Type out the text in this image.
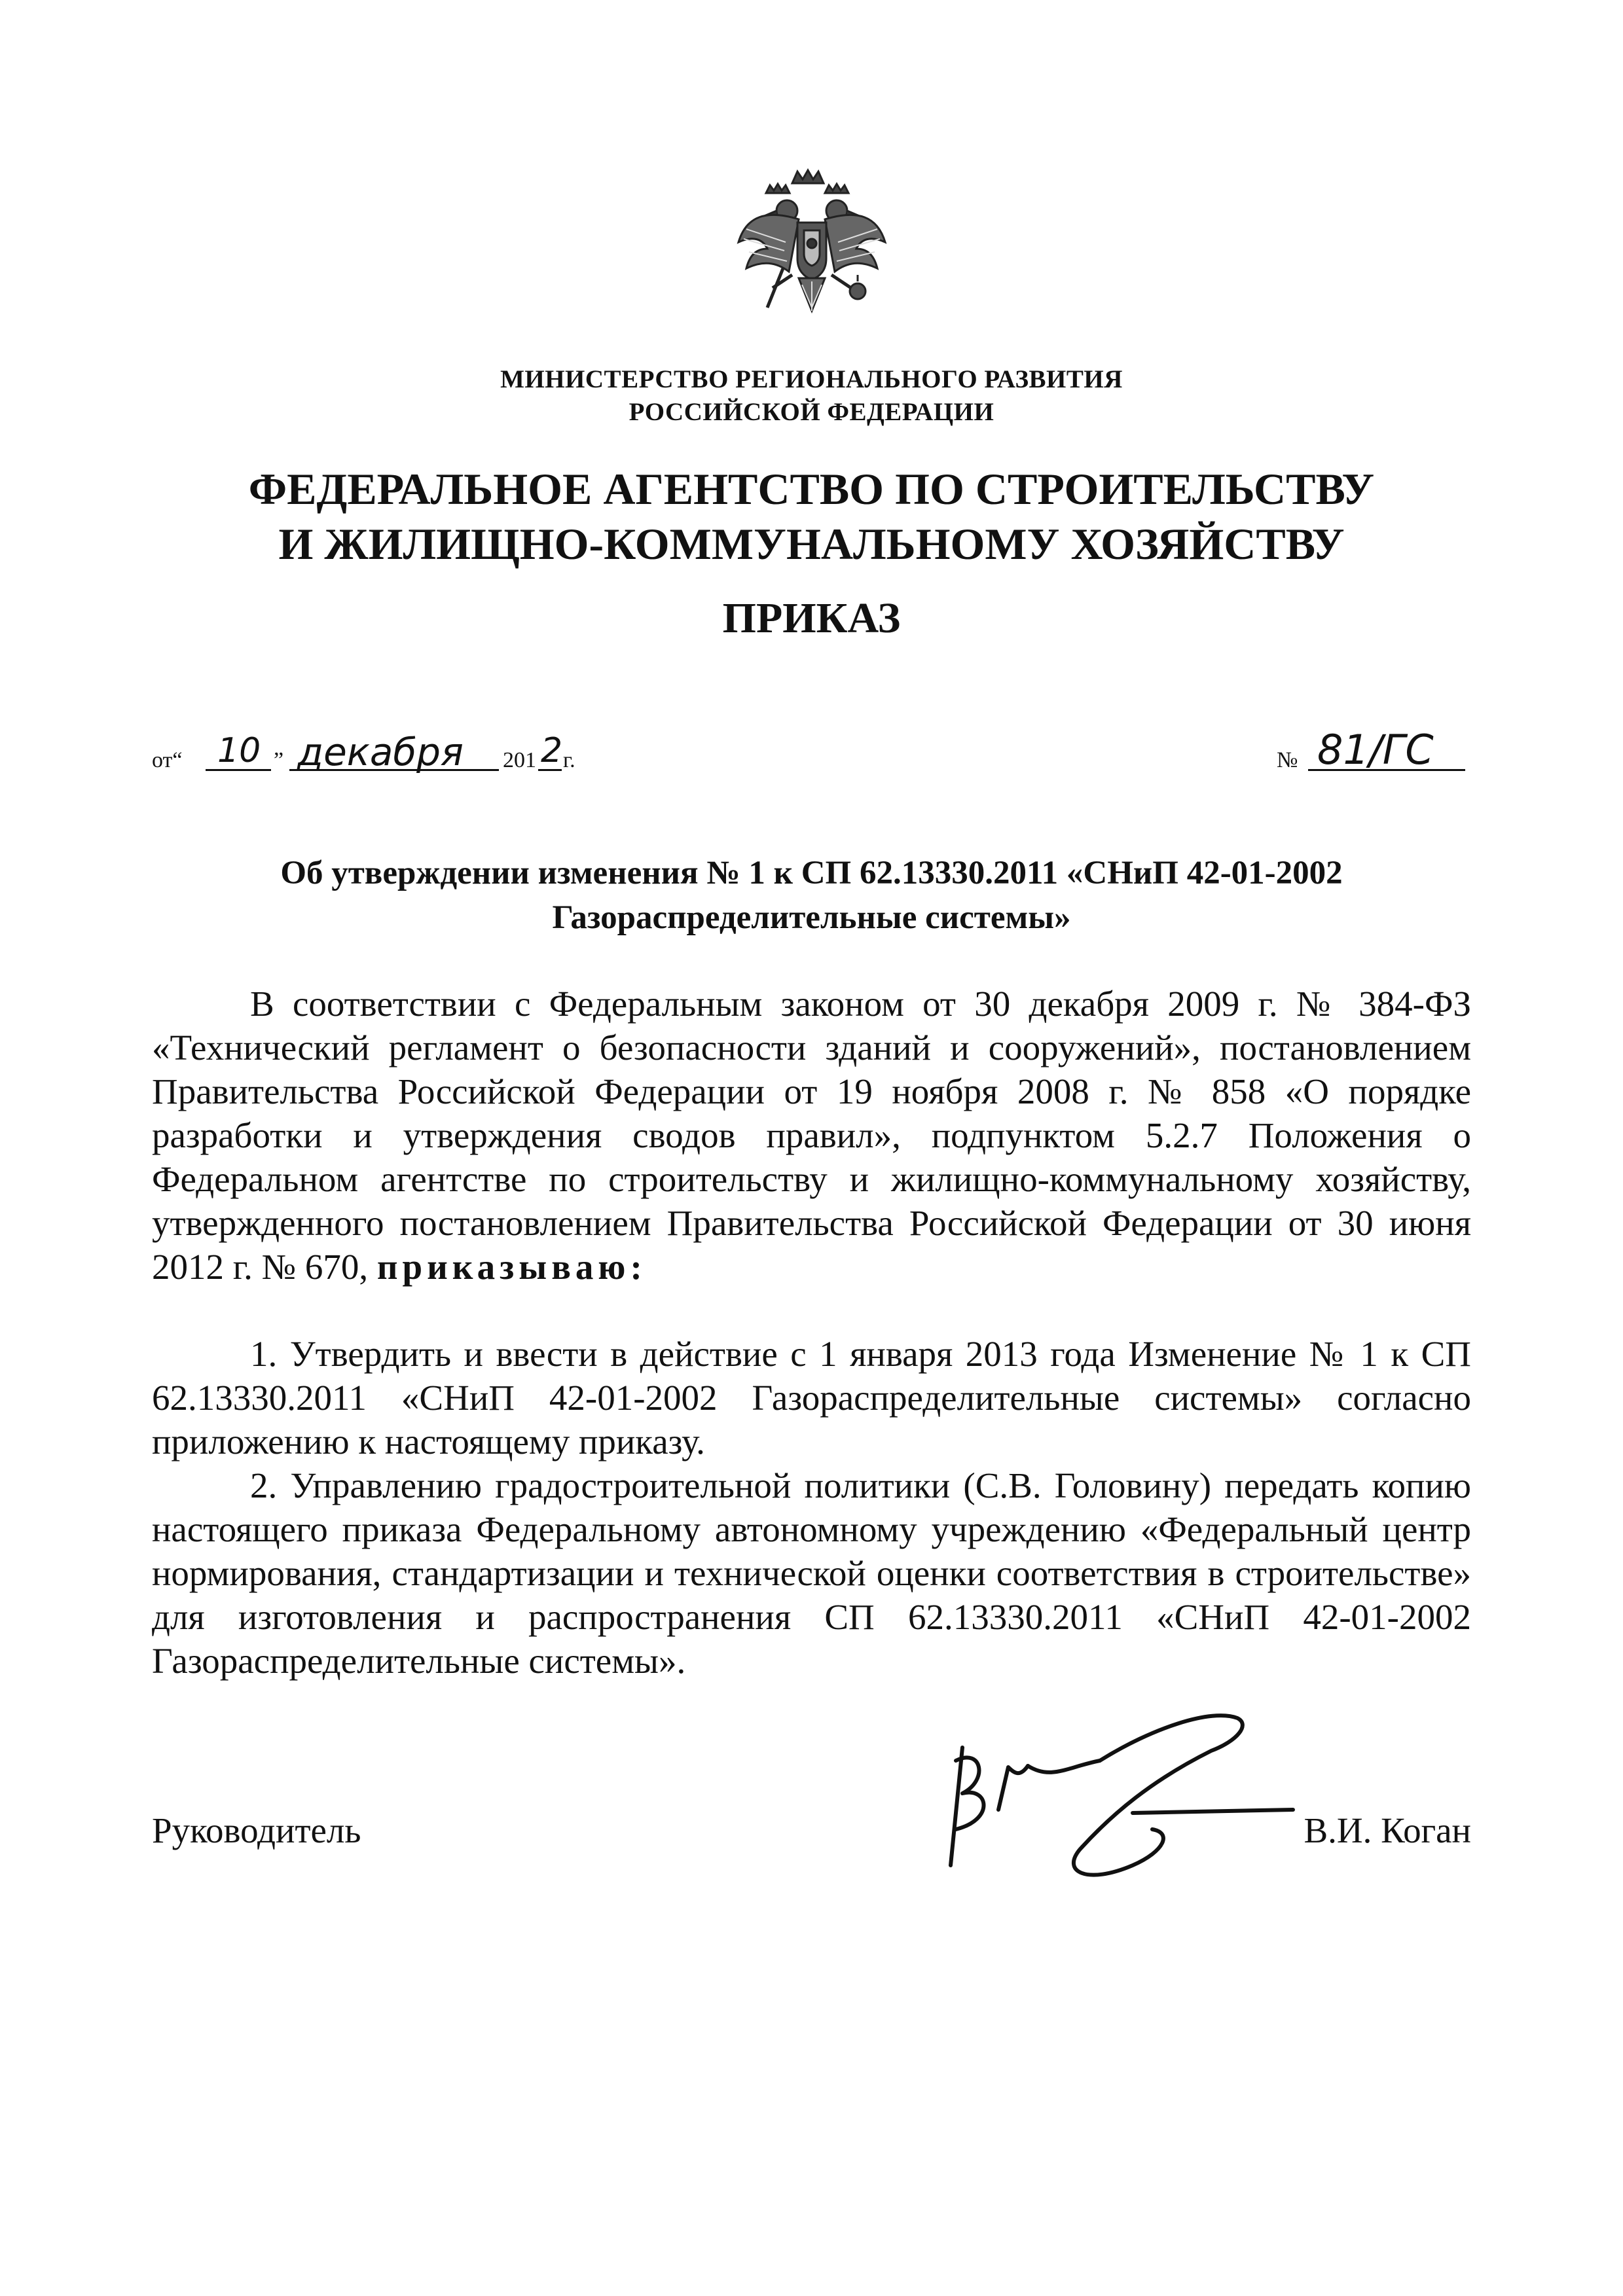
МИНИСТЕРСТВО РЕГИОНАЛЬНОГО РАЗВИТИЯ
РОССИЙСКОЙ ФЕДЕРАЦИИ
ФЕДЕРАЛЬНОЕ АГЕНТСТВО ПО СТРОИТЕЛЬСТВУ
И ЖИЛИЩНО-КОММУНАЛЬНОМУ ХОЗЯЙСТВУ
ПРИКАЗ
от“ 10 ” декабря 201 2 г.	№ 81/ГС
Об утверждении изменения № 1 к СП 62.13330.2011 «СНиП 42-01-2002
Газораспределительные системы»

В соответствии с Федеральным законом от 30 декабря 2009 г. № 384-ФЗ «Технический регламент о безопасности зданий и сооружений», постановлением Правительства Российской Федерации от 19 ноября 2008 г. № 858 «О порядке разработки и утверждения сводов правил», подпунктом 5.2.7 Положения о Федеральном агентстве по строительству и жилищно-коммунальному хозяйству, утвержденного постановлением Правительства Российской Федерации от 30 июня 2012 г. № 670, приказываю:

1. Утвердить и ввести в действие с 1 января 2013 года Изменение № 1 к СП 62.13330.2011 «СНиП 42-01-2002 Газораспределительные системы» согласно приложению к настоящему приказу.

2. Управлению градостроительной политики (С.В. Головину) передать копию настоящего приказа Федеральному автономному учреждению «Федеральный центр нормирования, стандартизации и технической оценки соответствия в строительстве» для изготовления и распространения СП 62.13330.2011 «СНиП 42-01-2002 Газораспределительные системы».

Руководитель	В.И. Коган
